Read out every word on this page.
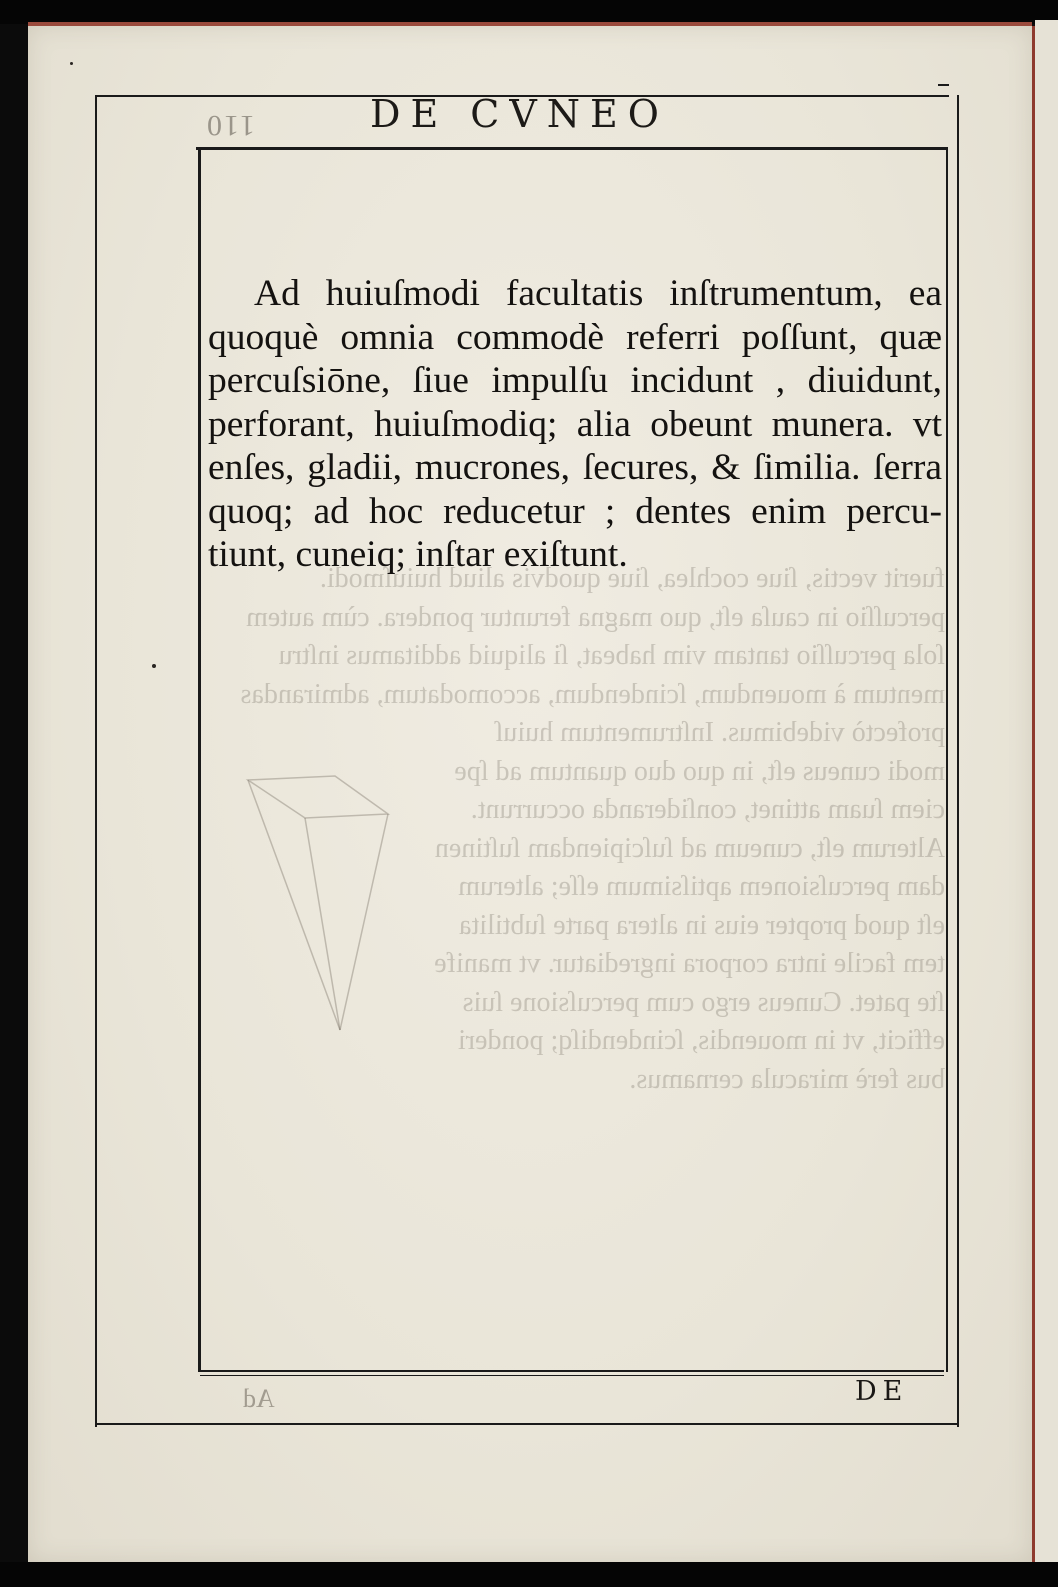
fuerit vectis, ſiue cochlea, ſiue quodvis aliud huiuſmodi.
percuſſio in cauſa eſt, quo magna feruntur pondera. cùm autem
ſola percuſſio tantam vim habeat, ſi aliquid additamus inſtru
mentum à mouendum, ſcindendum, accomodatum, admirandas
profectò videbimus. Inſtrumentum huiuſ
modi cuneus eſt, in quo duo quantum ad ſpe
ciem ſuam attinet, conſideranda occurrunt.
Alterum eſt, cuneum ad ſuſcipiendam ſuſtinen
dam percuſsionem aptiſsimum eſſe; alterum
eſt quod propter eius in altera parte ſubtilita
tem facile intra corpora ingrediatur. vt manife
ſte patet. Cuneus ergo cum percuſsione ſuis
efficit, vt in mouendis, ſcindendiſq; ponderi
bus ferè miracula cernamus.
110	DE CVNEO
Ad huiuſmodi facultatis inſtrumentum, ea
quoquè omnia commodè referri poſſunt, quæ
percuſsiōne, ſiue impulſu incidunt , diuidunt,
perforant, huiuſmodiq; alia obeunt munera. vt
enſes, gladii, mucrones, ſecures, & ſimilia. ſerra
quoq; ad hoc reducetur ; dentes enim percu-
tiunt, cuneiq; inſtar exiſtunt.
Ad	DE
